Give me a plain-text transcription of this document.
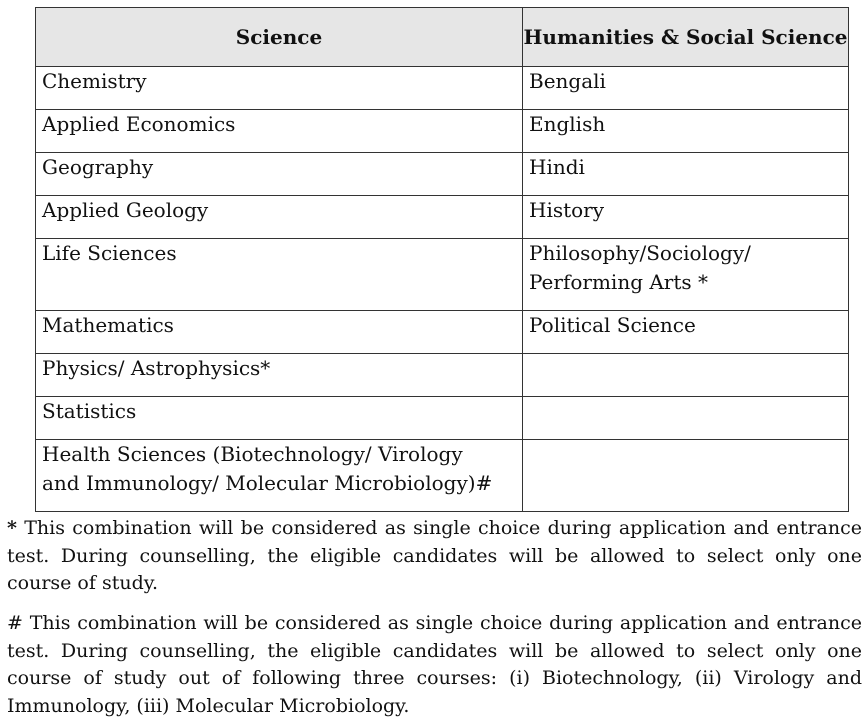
Science	Humanities & Social Science

Chemistry	Bengali

Applied Economics	English

Geography	Hindi

Applied Geology	History

Life Sciences	Philosophy/Sociology/
Performing Arts *

Mathematics	Political Science

Physics/ Astrophysics*	

Statistics	

Health Sciences (Biotechnology/ Virology
and Immunology/ Molecular Microbiology)#	

* This combination will be considered as single choice during application and entrance test. During counselling, the eligible candidates will be allowed to select only one course of study.

# This combination will be considered as single choice during application and entrance test. During counselling, the eligible candidates will be allowed to select only one course of study out of following three courses: (i) Biotechnology, (ii) Virology and Immunology, (iii) Molecular Microbiology.
